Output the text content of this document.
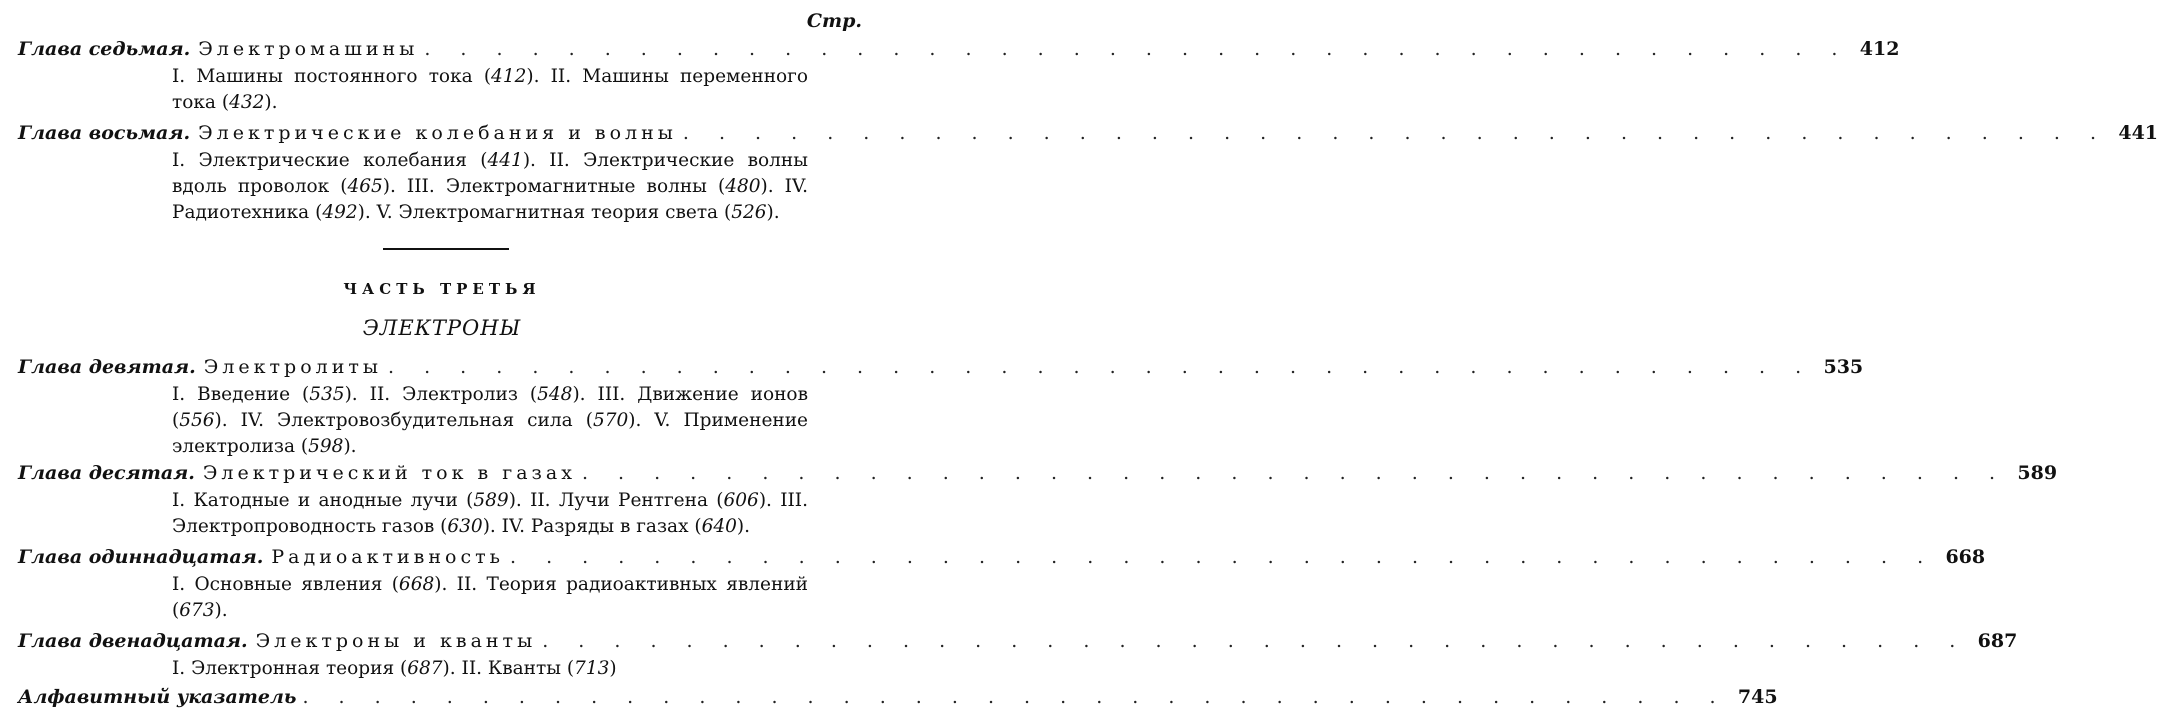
Стр.
Глава седьмая. Электромашины . . . . . . . . . . . . . . . . . . . . . . . . . . . . . . . . . . . . . . . . 412
I. Машины постоянного тока (412). II. Машины переменного тока (432).
Глава восьмая. Электрические колебания и волны . . . . . . . . . . . . . . . . . . . . . . . . . . . . . . . . . . . . . . . . 441
I. Электрические колебания (441). II. Электрические волны вдоль проволок (465). III. Электромагнитные волны (480). IV. Радиотехника (492). V. Электромагнитная теория света (526).
ЧАСТЬ ТРЕТЬЯ
ЭЛЕКТРОНЫ
Глава девятая. Электролиты . . . . . . . . . . . . . . . . . . . . . . . . . . . . . . . . . . . . . . . . 535
I. Введение (535). II. Электролиз (548). III. Движение ионов (556). IV. Электровозбудительная сила (570). V. Применение электролиза (598).
Глава десятая. Электрический ток в газах . . . . . . . . . . . . . . . . . . . . . . . . . . . . . . . . . . . . . . . . 589
I. Катодные и анодные лучи (589). II. Лучи Рентгена (606). III. Электропроводность газов (630). IV. Разряды в газах (640).
Глава одиннадцатая. Радиоактивность . . . . . . . . . . . . . . . . . . . . . . . . . . . . . . . . . . . . . . . . 668
I. Основные явления (668). II. Теория радиоактивных явлений (673).
Глава двенадцатая. Электроны и кванты . . . . . . . . . . . . . . . . . . . . . . . . . . . . . . . . . . . . . . . . 687
I. Электронная теория (687). II. Кванты (713)
Алфавитный указатель . . . . . . . . . . . . . . . . . . . . . . . . . . . . . . . . . . . . . . . . 745
